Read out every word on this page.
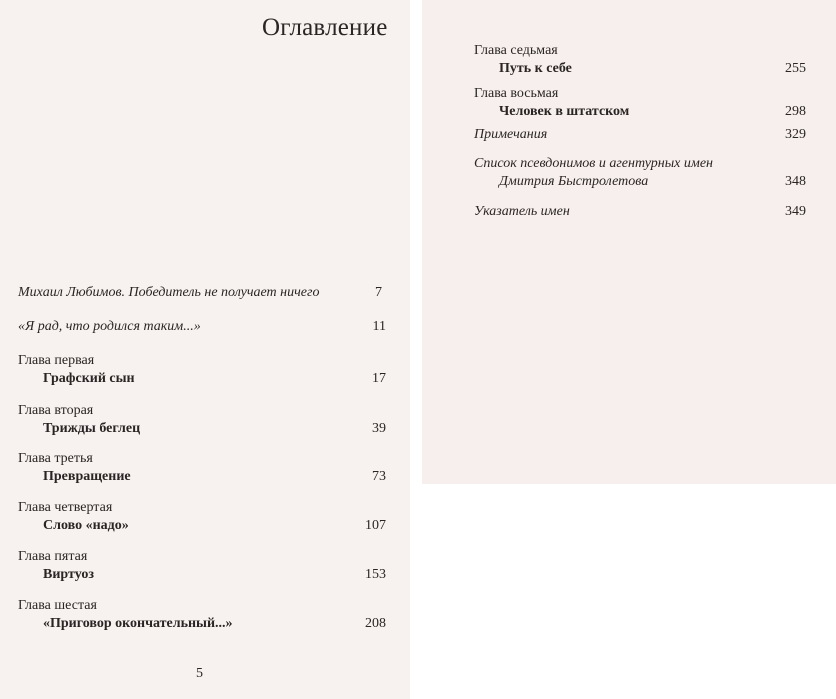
Оглавление
Михаил Любимов. Победитель не получает ничего	7
«Я рад, что родился таким...»	11
Глава первая
Графский сын	17
Глава вторая
Трижды беглец	39
Глава третья
Превращение	73
Глава четвертая
Слово «надо»	107
Глава пятая
Виртуоз	153
Глава шестая
«Приговор окончательный...»	208
5
Глава седьмая
Путь к себе	255
Глава восьмая
Человек в штатском	298
Примечания	329
Список псевдонимов и агентурных имен
Дмитрия Быстролетова	348
Указатель имен	349
